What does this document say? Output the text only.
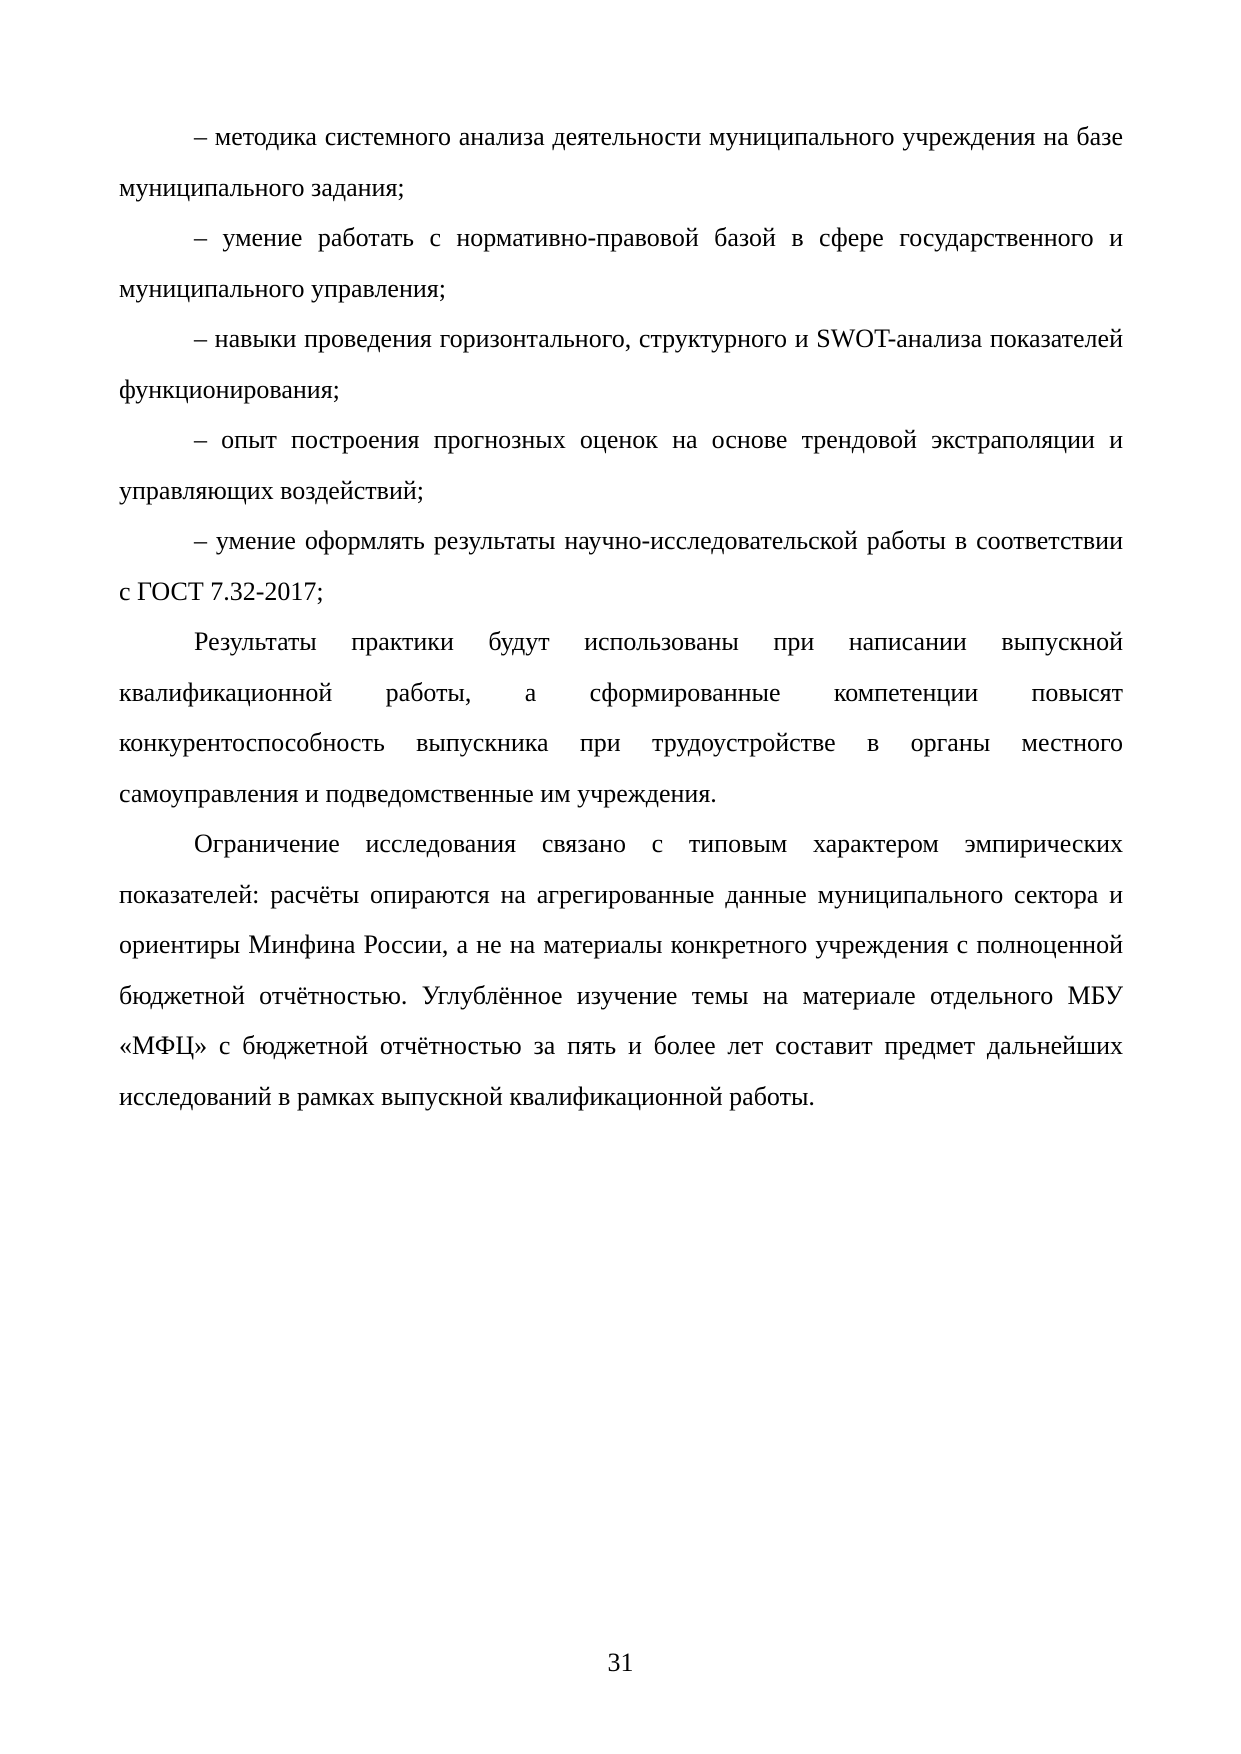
– методика системного анализа деятельности муниципального учреждения на базе муниципального задания;

– умение работать с нормативно-правовой базой в сфере государственного и муниципального управления;

– навыки проведения горизонтального, структурного и SWOT-анализа показателей функционирования;

– опыт построения прогнозных оценок на основе трендовой экстраполяции и управляющих воздействий;

– умение оформлять результаты научно-исследовательской работы в соответствии с ГОСТ 7.32-2017;

Результаты практики будут использованы при написании выпускной квалификационной работы, а сформированные компетенции повысят конкурентоспособность выпускника при трудоустройстве в органы местного самоуправления и подведомственные им учреждения.

Ограничение исследования связано с типовым характером эмпирических показателей: расчёты опираются на агрегированные данные муниципального сектора и ориентиры Минфина России, а не на материалы конкретного учреждения с полноценной бюджетной отчётностью. Углублённое изучение темы на материале отдельного МБУ «МФЦ» с бюджетной отчётностью за пять и более лет составит предмет дальнейших исследований в рамках выпускной квалификационной работы.

31
